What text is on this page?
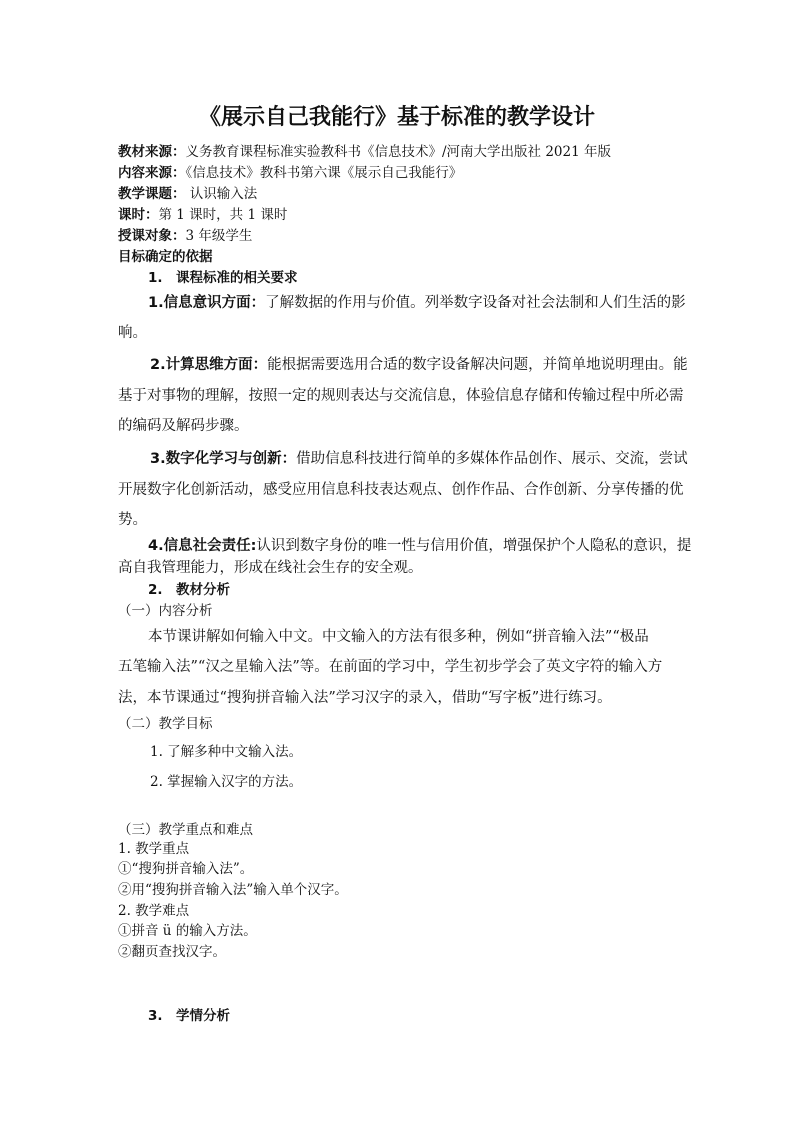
《展示自己我能行》基于标准的教学设计
教材来源：义务教育课程标准实验教科书《信息技术》/河南大学出版社 2021 年版
内容来源：《信息技术》教科书第六课《展示自己我能行》
教学课题： 认识输入法
课时：第 1 课时，共 1 课时
授课对象：3 年级学生
目标确定的依据
1.　课程标准的相关要求
1.信息意识方面：了解数据的作用与价值。列举数字设备对社会法制和人们生活的影
响。
2.计算思维方面：能根据需要选用合适的数字设备解决问题，并简单地说明理由。能
基于对事物的理解，按照一定的规则表达与交流信息，体验信息存储和传输过程中所必需
的编码及解码步骤。
3.数字化学习与创新：借助信息科技进行简单的多媒体作品创作、展示、交流，尝试
开展数字化创新活动，感受应用信息科技表达观点、创作作品、合作创新、分享传播的优
势。
4.信息社会责任:认识到数字身份的唯一性与信用价值，增强保护个人隐私的意识，提
高自我管理能力，形成在线社会生存的安全观。
2.　教材分析
（一）内容分析
本节课讲解如何输入中文。中文输入的方法有很多种，例如“拼音输入法”“极品
五笔输入法”“汉之星输入法”等。在前面的学习中，学生初步学会了英文字符的输入方
法，本节课通过“搜狗拼音输入法”学习汉字的录入，借助“写字板”进行练习。
（二）教学目标
1. 了解多种中文输入法。
2. 掌握输入汉字的方法。
（三）教学重点和难点
1. 教学重点
①“搜狗拼音输入法”。
②用“搜狗拼音输入法”输入单个汉字。
2. 教学难点
①拼音 ü 的输入方法。
②翻页查找汉字。
3.　学情分析
